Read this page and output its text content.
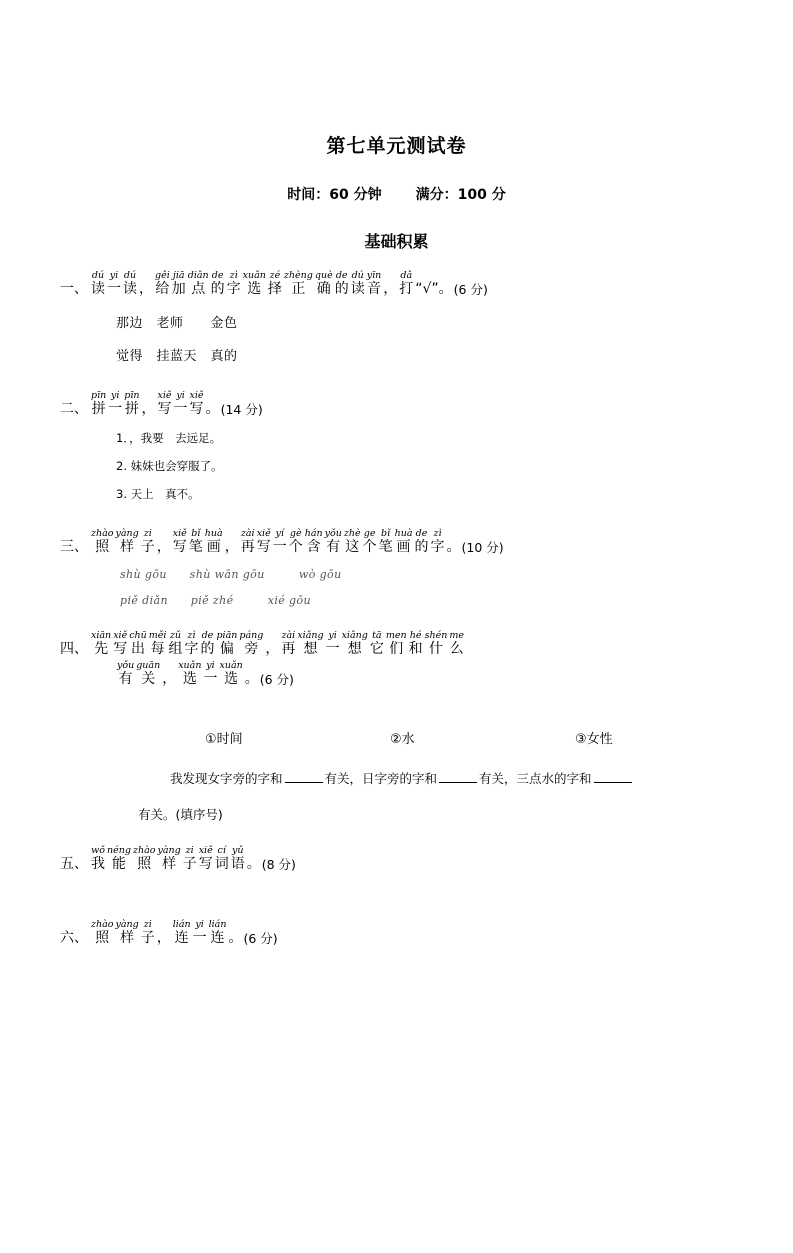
第七单元测试卷
时间：60 分钟 满分：100 分
基础积累
一、
dú
读
yi
一
dú
读
，
gěi
给
jiā
加
diǎn
点
de
的
zì
字
xuǎn
选
zé
择
zhèng
正
què
确
de
的
dú
读
yīn
音
，
dǎ
打
“√”。 (6 分)
那边　老师　　金色
觉得　挂蓝天　真的
二、
pīn
拼
yi
一
pīn
拼
，
xiě
写
yi
一
xiě
写
。 (14 分)
1．，我要　去远足。
2. 妹妹也会穿服了。
3. 天上　真不。
三、
zhào
照
yàng
样
zi
子
，
xiě
写
bǐ
笔
huà
画
，
zài
再
xiě
写
yí
一
gè
个
hán
含
yǒu
有
zhè
这
ge
个
bǐ
笔
huà
画
de
的
zì
字
。 (10 分)
shù gōu　　shù wān gōu　　　wò gōu
piě diǎn　　piě zhé　　　xié gōu
四、
xiān
先
xiě
写
chū
出
měi
每
zǔ
组
zì
字
de
的
piān
偏
páng
旁
，
zài
再
xiǎng
想
yi
一
xiǎng
想
tā
它
men
们
hé
和
shén
什
me
么
yǒu
有
guān
关
，
xuǎn
选
yi
一
xuǎn
选
。 (6 分)
①时间	②水	③女性
我发现女字旁的字和	有关，日字旁的字和	有关，三点水的字和
有关。(填序号)
五、
wǒ
我
néng
能
zhào
照
yàng
样
zi
子
xiě
写
cí
词
yǔ
语
。 (8 分)
六、
zhào
照
yàng
样
zi
子
，
lián
连
yi
一
lián
连
。 (6 分)
